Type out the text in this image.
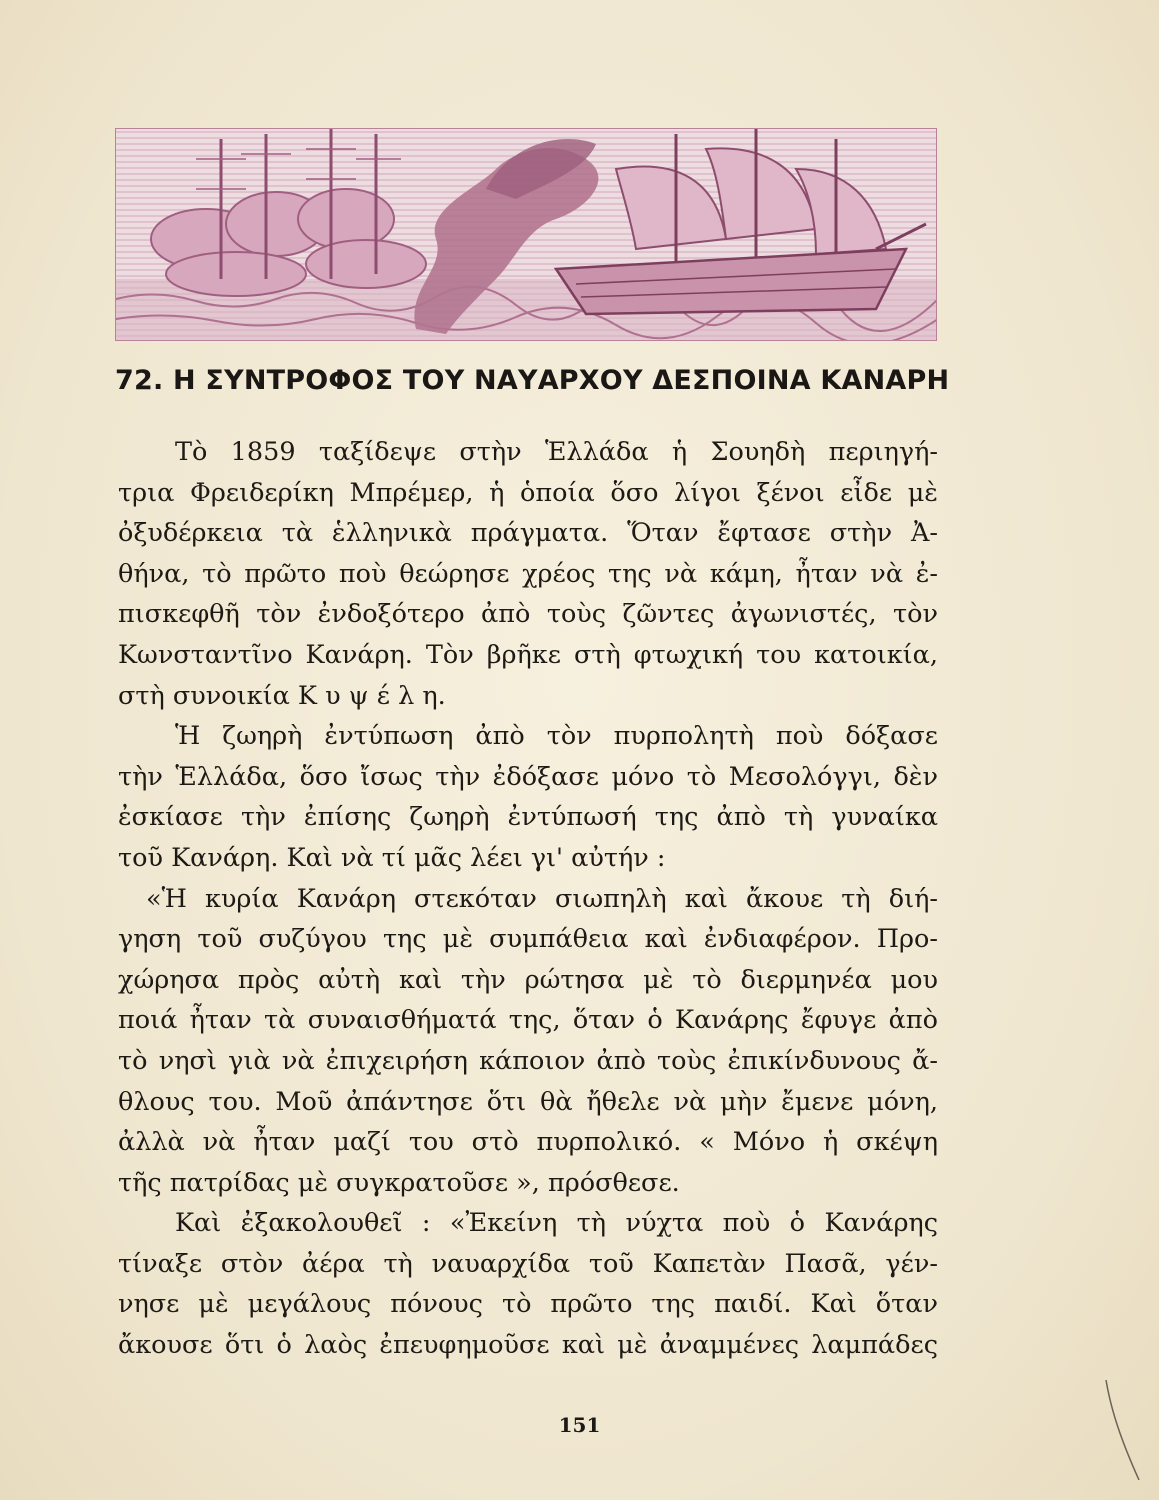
72. Η ΣΥΝΤΡΟΦΟΣ ΤΟΥ ΝΑΥΑΡΧΟΥ ΔΕΣΠΟΙΝΑ ΚΑΝΑΡΗ
Τὸ 1859 ταξίδεψε στὴν Ἑλλάδα ἡ Σουηδὴ περιηγή-
τρια Φρειδερίκη Μπρέμερ, ἡ ὁποία ὅσο λίγοι ξένοι εἶδε μὲ
ὀξυδέρκεια τὰ ἑλληνικὰ πράγματα. Ὅταν ἔφτασε στὴν Ἀ-
θήνα, τὸ πρῶτο ποὺ θεώρησε χρέος της νὰ κάμη, ἦταν νὰ ἐ-
πισκεφθῆ τὸν ἐνδοξότερο ἀπὸ τοὺς ζῶντες ἀγωνιστές, τὸν
Κωνσταντῖνο Κανάρη. Τὸν βρῆκε στὴ φτωχική του κατοικία,
στὴ συνοικία Κ υ ψ έ λ η.
Ἡ ζωηρὴ ἐντύπωση ἀπὸ τὸν πυρπολητὴ ποὺ δόξασε
τὴν Ἑλλάδα, ὅσο ἴσως τὴν ἐδόξασε μόνο τὸ Μεσολόγγι, δὲν
ἐσκίασε τὴν ἐπίσης ζωηρὴ ἐντύπωσή της ἀπὸ τὴ γυναίκα
τοῦ Κανάρη. Καὶ νὰ τί μᾶς λέει γι' αὐτήν :
«Ἡ κυρία Κανάρη στεκόταν σιωπηλὴ καὶ ἄκουε τὴ διή-
γηση τοῦ συζύγου της μὲ συμπάθεια καὶ ἐνδιαφέρον. Προ-
χώρησα πρὸς αὐτὴ καὶ τὴν ρώτησα μὲ τὸ διερμηνέα μου
ποιά ἦταν τὰ συναισθήματά της, ὅταν ὁ Κανάρης ἔφυγε ἀπὸ
τὸ νησὶ γιὰ νὰ ἐπιχειρήση κάποιον ἀπὸ τοὺς ἐπικίνδυνους ἄ-
θλους του. Μοῦ ἀπάντησε ὅτι θὰ ἤθελε νὰ μὴν ἔμενε μόνη,
ἀλλὰ νὰ ἦταν μαζί του στὸ πυρπολικό. « Μόνο ἡ σκέψη
τῆς πατρίδας μὲ συγκρατοῦσε », πρόσθεσε.
Καὶ ἐξακολουθεῖ : «Ἐκείνη τὴ νύχτα ποὺ ὁ Κανάρης
τίναξε στὸν ἀέρα τὴ ναυαρχίδα τοῦ Καπετὰν Πασᾶ, γέν-
νησε μὲ μεγάλους πόνους τὸ πρῶτο της παιδί. Καὶ ὅταν
ἄκουσε ὅτι ὁ λαὸς ἐπευφημοῦσε καὶ μὲ ἀναμμένες λαμπάδες
151
